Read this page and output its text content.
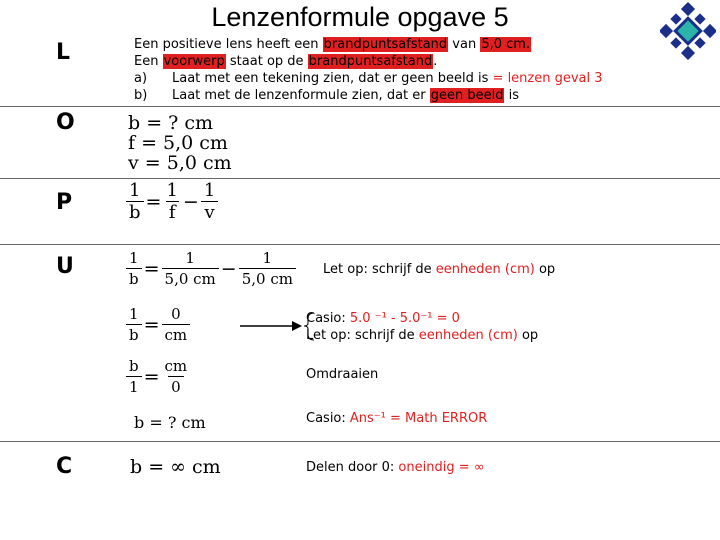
Lenzenformule opgave 5
L
O
P
U
C
Een positieve lens heeft een brandpuntsafstand van 5,0 cm.
Een voorwerp staat op de brandpuntsafstand.
a) Laat met een tekening zien, dat er geen beeld is = lenzen geval 3
b) Laat met de lenzenformule zien, dat er geen beeld is
b = ? cm
f = 5,0 cm
v = 5,0 cm
$\frac{1}{b} = \frac{1}{f} - \frac{1}{v}$
$\frac{1}{b} = \frac{1}{5,0 cm} - \frac{1}{5,0 cm}$
$\frac{1}{b} = \frac{0}{cm}$
$\frac{b}{1} = \frac{cm}{0}$
b = ? cm
b = ∞ cm
Let op: schrijf de eenheden (cm) op
Casio: 5.0 ⁻¹ - 5.0⁻¹ = 0
Let op: schrijf de eenheden (cm) op
Omdraaien
Casio: Ans⁻¹ = Math ERROR
Delen door 0: oneindig = ∞
